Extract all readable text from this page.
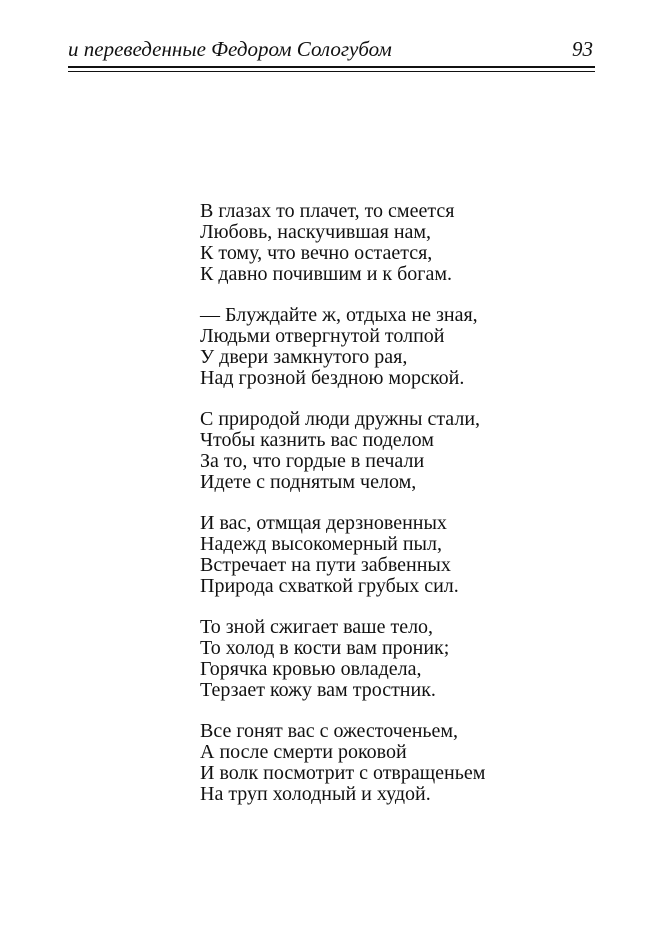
и переведенные Федором Сологубом	93
В глазах то плачет, то смеется
Любовь, наскучившая нам,
К тому, что вечно остается,
К давно почившим и к богам.
— Блуждайте ж, отдыха не зная,
Людьми отвергнутой толпой
У двери замкнутого рая,
Над грозной бездною морской.
С природой люди дружны стали,
Чтобы казнить вас поделом
За то, что гордые в печали
Идете с поднятым челом,
И вас, отмщая дерзновенных
Надежд высокомерный пыл,
Встречает на пути забвенных
Природа схваткой грубых сил.
То зной сжигает ваше тело,
То холод в кости вам проник;
Горячка кровью овладела,
Терзает кожу вам тростник.
Все гонят вас с ожесточеньем,
А после смерти роковой
И волк посмотрит с отвращеньем
На труп холодный и худой.
